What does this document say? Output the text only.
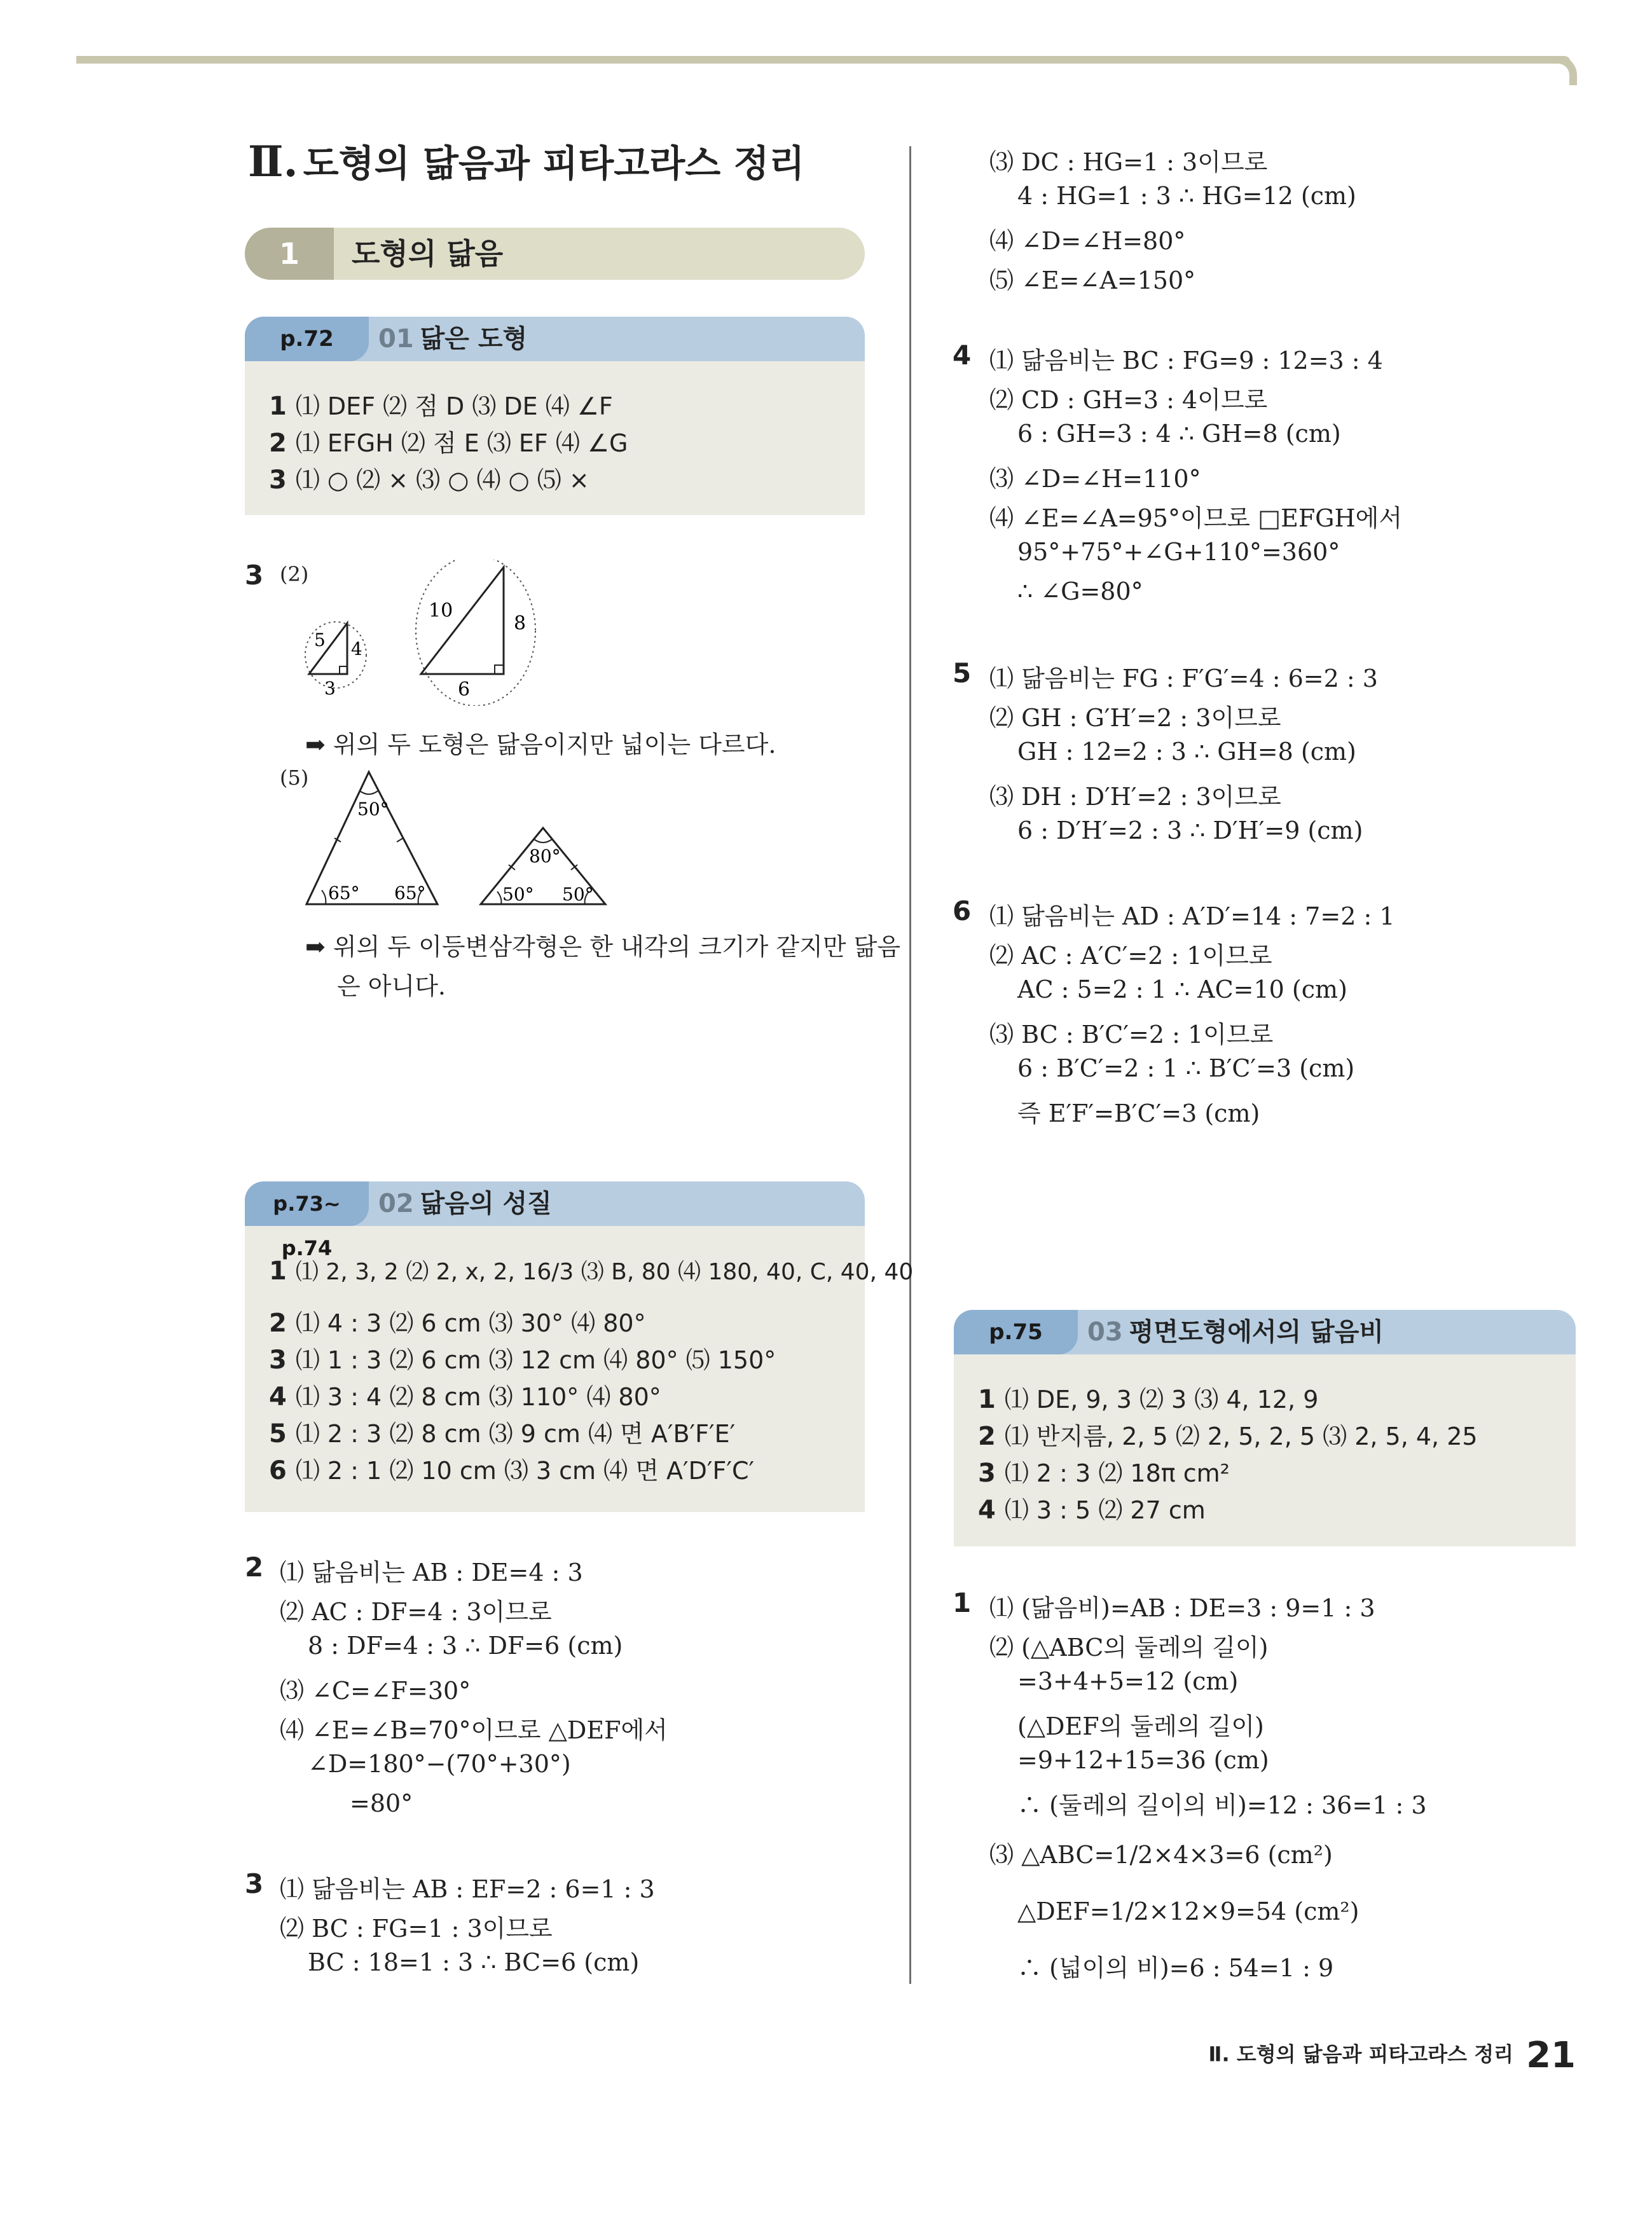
Ⅱ. 도형의 닮음과 피타고라스 정리
1	도형의 닮음
p.72	01 닮은 도형
1 ⑴ DEF ⑵ 점 D ⑶ DE ⑷ ∠F
2 ⑴ EFGH ⑵ 점 E ⑶ EF ⑷ ∠G
3 ⑴ ○ ⑵ × ⑶ ○ ⑷ ○ ⑸ ×
3 (2)
5 4
3
10
8
6
➡ 위의 두 도형은 닮음이지만 넓이는 다르다.
(5)
50°
65° 65°
80°
50° 50°
➡ 위의 두 이등변삼각형은 한 내각의 크기가 같지만 닮음
은 아니다.
p.73~ p.74
02 닮음의 성질
1 ⑴ 2, 3, 2 ⑵ 2, x, 2, 16/3 ⑶ B, 80 ⑷ 180, 40, C, 40, 40
2 ⑴ 4 : 3 ⑵ 6 cm ⑶ 30° ⑷ 80°
3 ⑴ 1 : 3 ⑵ 6 cm ⑶ 12 cm ⑷ 80° ⑸ 150°
4 ⑴ 3 : 4 ⑵ 8 cm ⑶ 110° ⑷ 80°
5 ⑴ 2 : 3 ⑵ 8 cm ⑶ 9 cm ⑷ 면 A′B′F′E′
6 ⑴ 2 : 1 ⑵ 10 cm ⑶ 3 cm ⑷ 면 A′D′F′C′
2 ⑴ 닮음비는 AB : DE=4 : 3
⑵ AC : DF=4 : 3이므로
8 : DF=4 : 3 ∴ DF=6 (cm)
⑶ ∠C=∠F=30°
⑷ ∠E=∠B=70°이므로 △DEF에서
∠D=180°−(70°+30°)
=80°
3 ⑴ 닮음비는 AB : EF=2 : 6=1 : 3
⑵ BC : FG=1 : 3이므로
BC : 18=1 : 3 ∴ BC=6 (cm)
⑶ DC : HG=1 : 3이므로
4 : HG=1 : 3 ∴ HG=12 (cm)
⑷ ∠D=∠H=80°
⑸ ∠E=∠A=150°
4 ⑴ 닮음비는 BC : FG=9 : 12=3 : 4
⑵ CD : GH=3 : 4이므로
6 : GH=3 : 4 ∴ GH=8 (cm)
⑶ ∠D=∠H=110°
⑷ ∠E=∠A=95°이므로 □EFGH에서
95°+75°+∠G+110°=360°
∴ ∠G=80°
5 ⑴ 닮음비는 FG : F′G′=4 : 6=2 : 3
⑵ GH : G′H′=2 : 3이므로
GH : 12=2 : 3 ∴ GH=8 (cm)
⑶ DH : D′H′=2 : 3이므로
6 : D′H′=2 : 3 ∴ D′H′=9 (cm)
6 ⑴ 닮음비는 AD : A′D′=14 : 7=2 : 1
⑵ AC : A′C′=2 : 1이므로
AC : 5=2 : 1 ∴ AC=10 (cm)
⑶ BC : B′C′=2 : 1이므로
6 : B′C′=2 : 1 ∴ B′C′=3 (cm)
즉 E′F′=B′C′=3 (cm)
p.75	03 평면도형에서의 닮음비
1 ⑴ DE, 9, 3 ⑵ 3 ⑶ 4, 12, 9
2 ⑴ 반지름, 2, 5 ⑵ 2, 5, 2, 5 ⑶ 2, 5, 4, 25
3 ⑴ 2 : 3 ⑵ 18π cm²
4 ⑴ 3 : 5 ⑵ 27 cm
1 ⑴ (닮음비)=AB : DE=3 : 9=1 : 3
⑵ (△ABC의 둘레의 길이)
=3+4+5=12 (cm)
(△DEF의 둘레의 길이)
=9+12+15=36 (cm)
∴ (둘레의 길이의 비)=12 : 36=1 : 3
⑶ △ABC=1/2×4×3=6 (cm²)
△DEF=1/2×12×9=54 (cm²)
∴ (넓이의 비)=6 : 54=1 : 9
Ⅱ. 도형의 닮음과 피타고라스 정리 21
